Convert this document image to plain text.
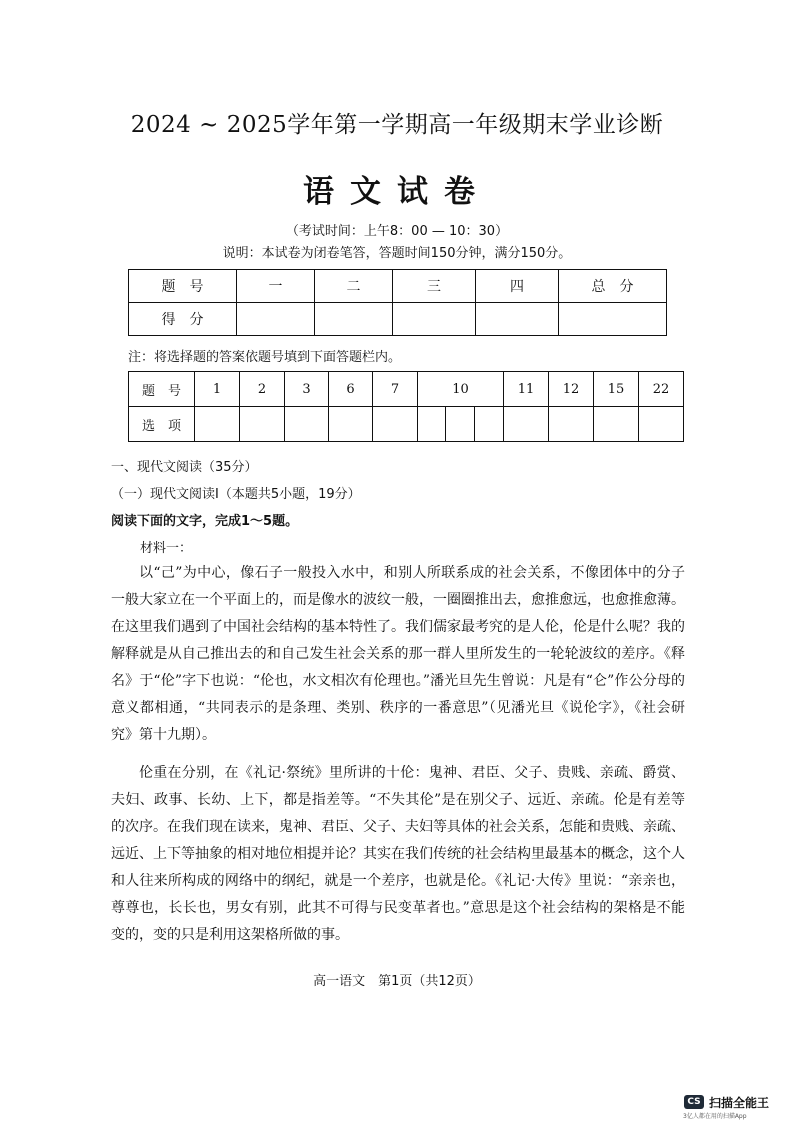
2024 ~ 2025学年第一学期高一年级期末学业诊断
语文试卷
（考试时间：上午8：00 — 10：30）
说明：本试卷为闭卷笔答，答题时间150分钟，满分150分。
题　号	一	二	三	四	总　分
得　分					
注：将选择题的答案依题号填到下面答题栏内。
题　号	1	2	3	6	7	10			11	12	15	22
选　项												
一、现代文阅读（35分）
（一）现代文阅读Ⅰ（本题共5小题，19分）
阅读下面的文字，完成1～5题。
材料一：
以“己”为中心，像石子一般投入水中，和别人所联系成的社会关系，不像团体中的分子一般大家立在一个平面上的，而是像水的波纹一般，一圈圈推出去，愈推愈远，也愈推愈薄。在这里我们遇到了中国社会结构的基本特性了。我们儒家最考究的是人伦，伦是什么呢？我的解释就是从自己推出去的和自己发生社会关系的那一群人里所发生的一轮轮波纹的差序。《释名》于“伦”字下也说：“伦也，水文相次有伦理也。”潘光旦先生曾说：凡是有“仑”作公分母的意义都相通，“共同表示的是条理、类别、秩序的一番意思”（见潘光旦《说伦字》，《社会研究》第十九期）。
伦重在分别，在《礼记·祭统》里所讲的十伦：鬼神、君臣、父子、贵贱、亲疏、爵赏、夫妇、政事、长幼、上下，都是指差等。“不失其伦”是在别父子、远近、亲疏。伦是有差等的次序。在我们现在读来，鬼神、君臣、父子、夫妇等具体的社会关系，怎能和贵贱、亲疏、远近、上下等抽象的相对地位相提并论？其实在我们传统的社会结构里最基本的概念，这个人和人往来所构成的网络中的纲纪，就是一个差序，也就是伦。《礼记·大传》里说：“亲亲也，尊尊也，长长也，男女有别，此其不可得与民变革者也。”意思是这个社会结构的架格是不能变的，变的只是利用这架格所做的事。
高一语文　第1页（共12页）
CS 扫描全能王
3亿人都在用的扫描App
